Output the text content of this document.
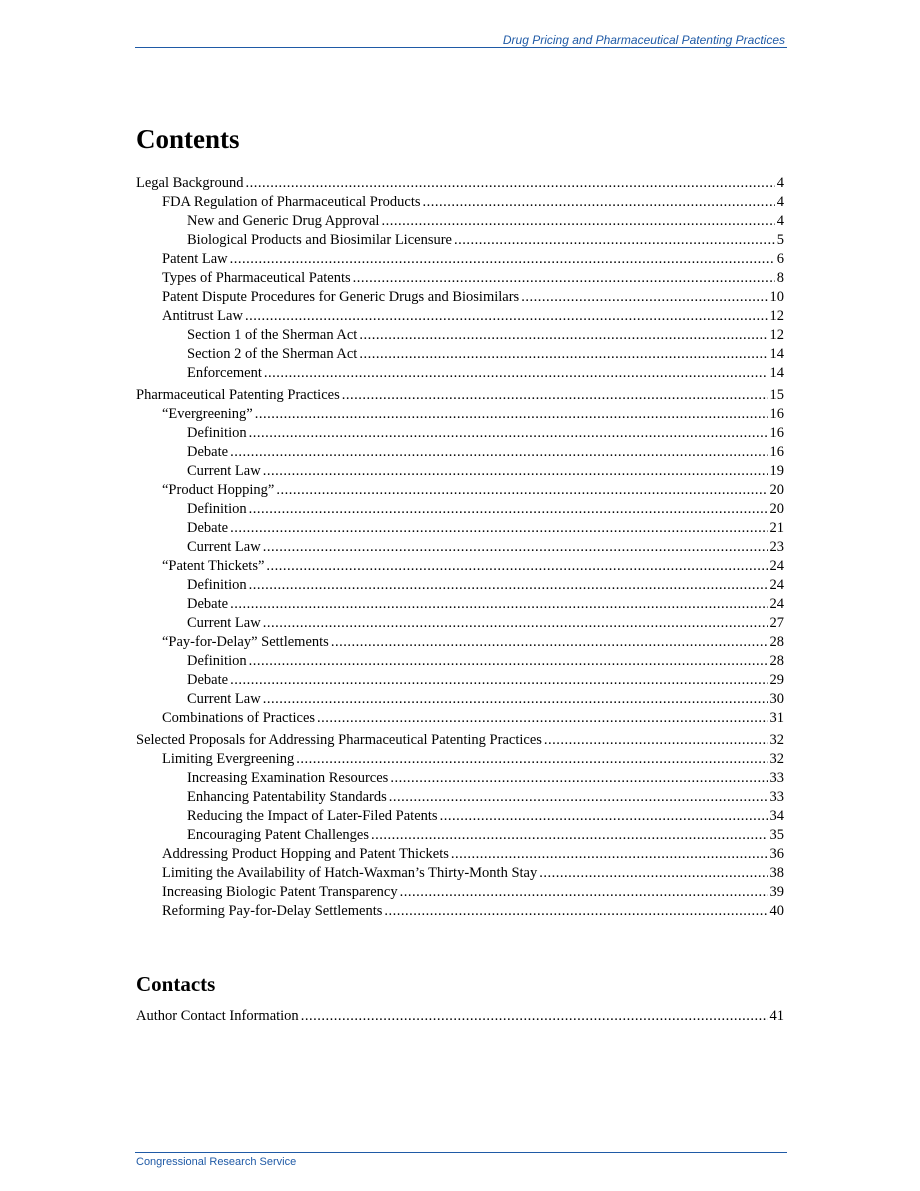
Drug Pricing and Pharmaceutical Patenting Practices
Contents
Legal Background .....	4
FDA Regulation of Pharmaceutical Products .....	4
New and Generic Drug Approval .....	4
Biological Products and Biosimilar Licensure .....	5
Patent Law .....	6
Types of Pharmaceutical Patents .....	8
Patent Dispute Procedures for Generic Drugs and Biosimilars .....	10
Antitrust Law .....	12
Section 1 of the Sherman Act .....	12
Section 2 of the Sherman Act .....	14
Enforcement .....	14
Pharmaceutical Patenting Practices .....	15
“Evergreening” .....	16
Definition .....	16
Debate .....	16
Current Law .....	19
“Product Hopping” .....	20
Definition .....	20
Debate .....	21
Current Law .....	23
“Patent Thickets” .....	24
Definition .....	24
Debate .....	24
Current Law .....	27
“Pay-for-Delay” Settlements .....	28
Definition .....	28
Debate .....	29
Current Law .....	30
Combinations of Practices .....	31
Selected Proposals for Addressing Pharmaceutical Patenting Practices .....	32
Limiting Evergreening .....	32
Increasing Examination Resources .....	33
Enhancing Patentability Standards .....	33
Reducing the Impact of Later-Filed Patents .....	34
Encouraging Patent Challenges .....	35
Addressing Product Hopping and Patent Thickets .....	36
Limiting the Availability of Hatch-Waxman’s Thirty-Month Stay .....	38
Increasing Biologic Patent Transparency .....	39
Reforming Pay-for-Delay Settlements .....	40
Contacts
Author Contact Information .....	41
Congressional Research Service
